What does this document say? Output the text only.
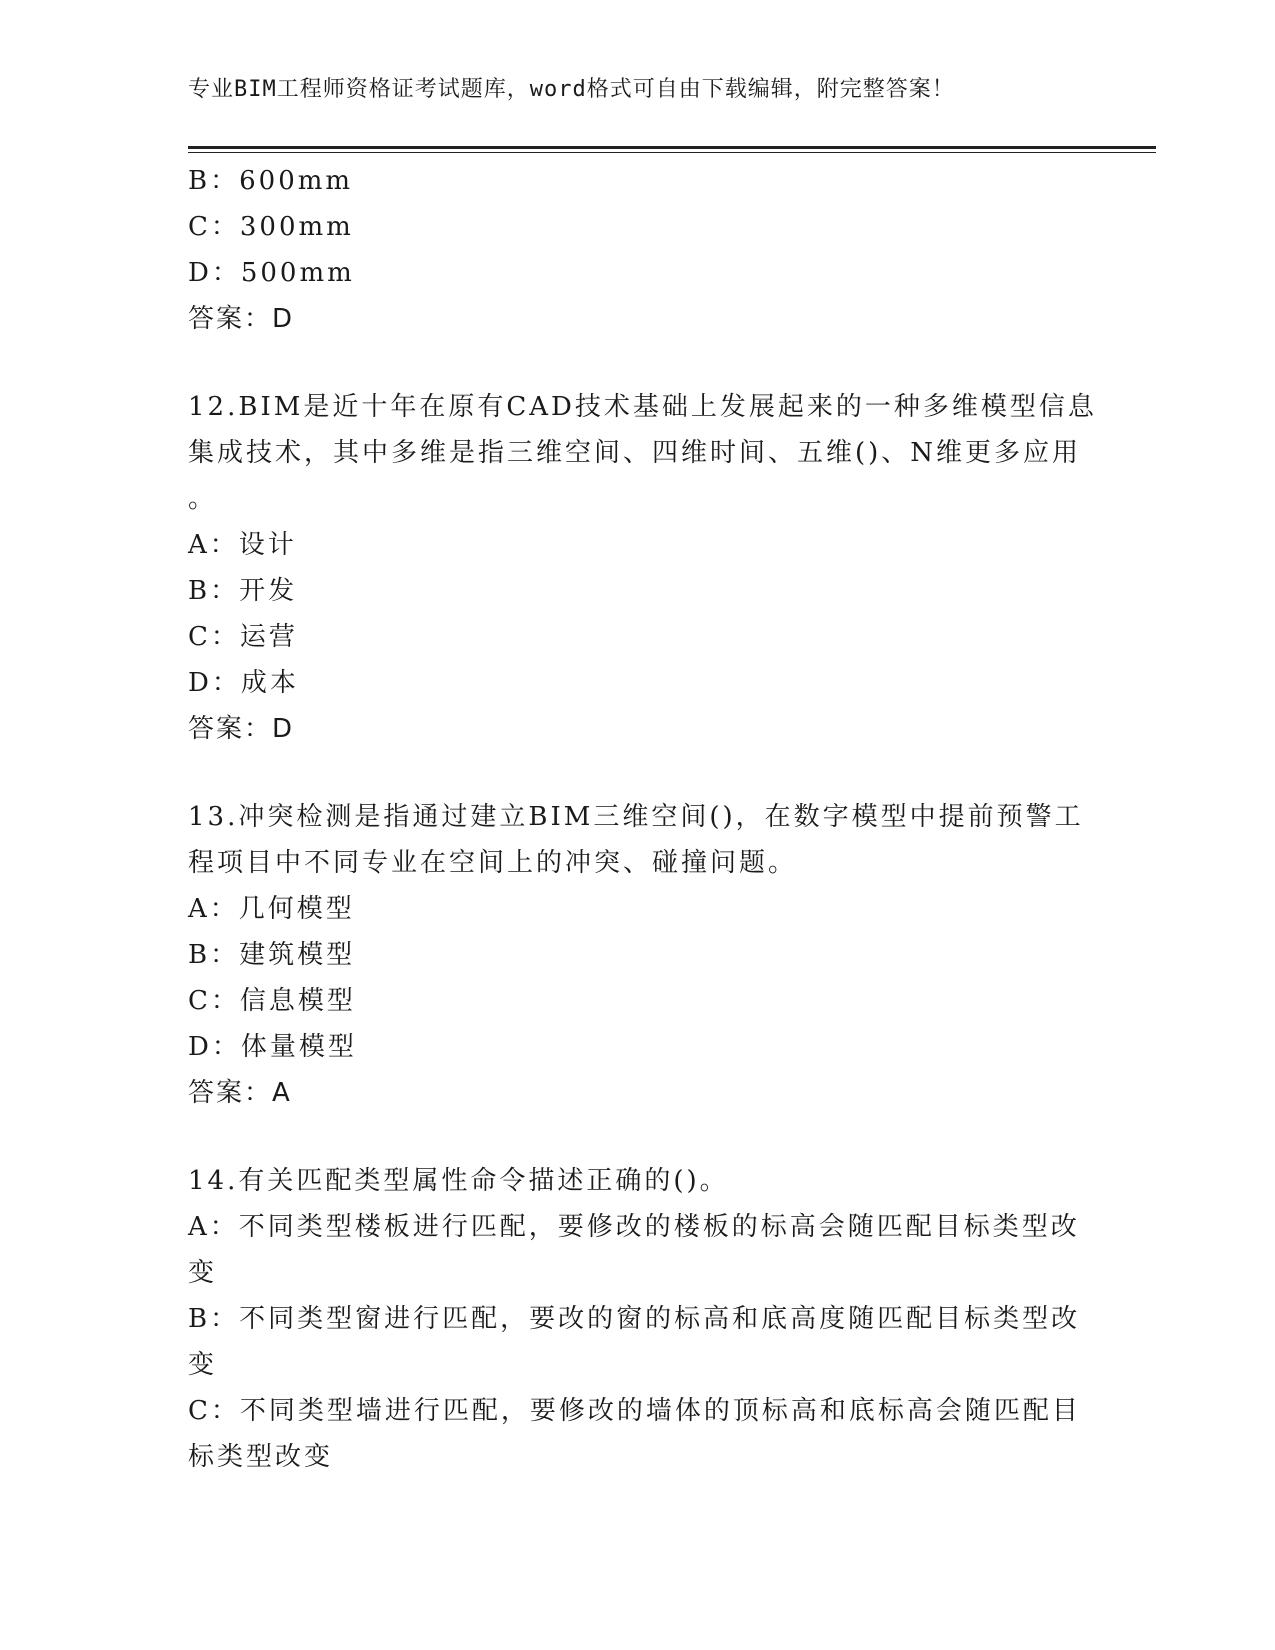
专业BIM工程师资格证考试题库，word格式可自由下载编辑，附完整答案！
B：600mm
C：300mm
D：500mm
答案：D
12.BIM是近十年在原有CAD技术基础上发展起来的一种多维模型信息
集成技术，其中多维是指三维空间、四维时间、五维()、N维更多应用
。
A：设计
B：开发
C：运营
D：成本
答案：D
13.冲突检测是指通过建立BIM三维空间()，在数字模型中提前预警工
程项目中不同专业在空间上的冲突、碰撞问题。
A：几何模型
B：建筑模型
C：信息模型
D：体量模型
答案：A
14.有关匹配类型属性命令描述正确的()。
A：不同类型楼板进行匹配，要修改的楼板的标高会随匹配目标类型改
变
B：不同类型窗进行匹配，要改的窗的标高和底高度随匹配目标类型改
变
C：不同类型墙进行匹配，要修改的墙体的顶标高和底标高会随匹配目
标类型改变
